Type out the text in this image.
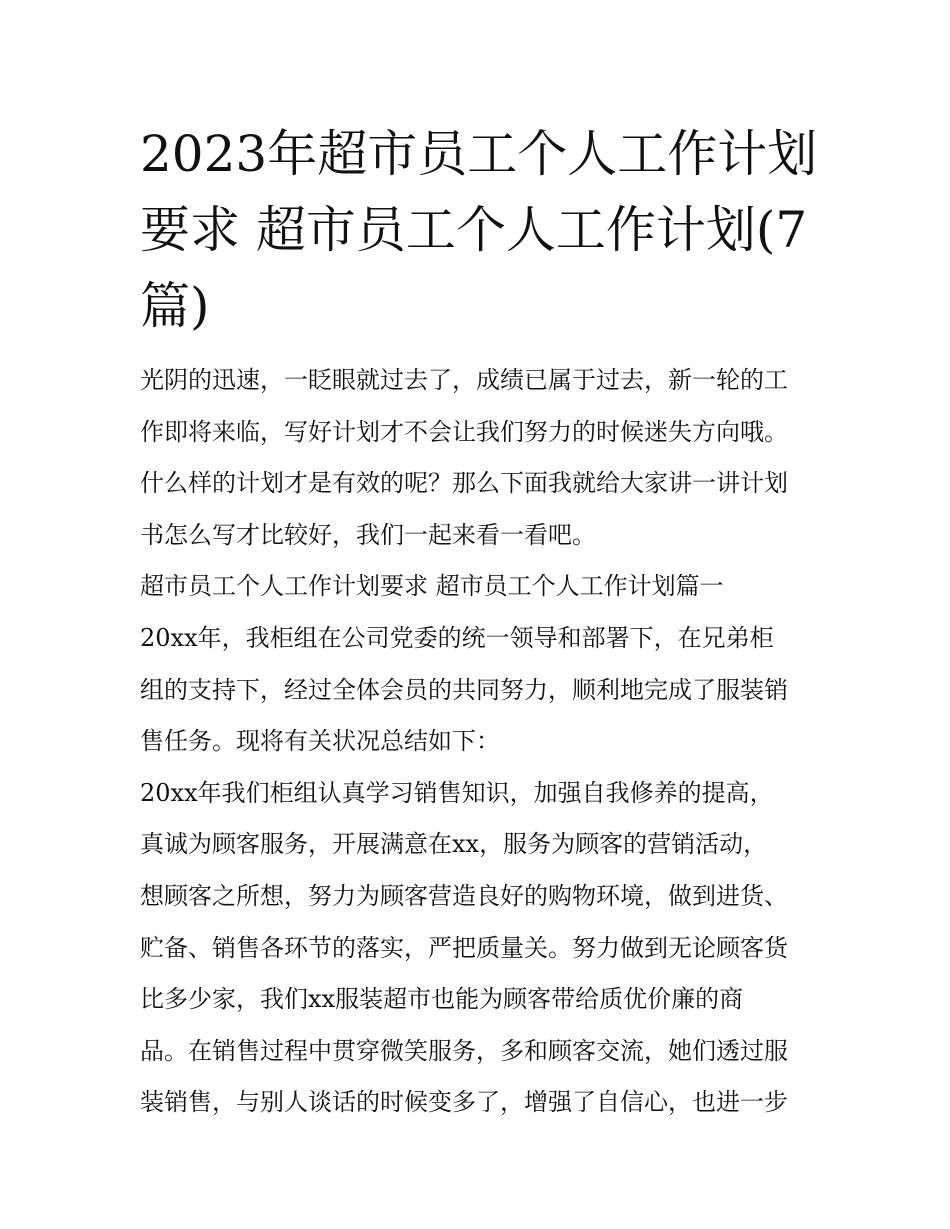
2023年超市员工个人工作计划
要求 超市员工个人工作计划(7
篇)
光阴的迅速，一眨眼就过去了，成绩已属于过去，新一轮的工
作即将来临，写好计划才不会让我们努力的时候迷失方向哦。
什么样的计划才是有效的呢？那么下面我就给大家讲一讲计划
书怎么写才比较好，我们一起来看一看吧。
超市员工个人工作计划要求 超市员工个人工作计划篇一
20xx年，我柜组在公司党委的统一领导和部署下，在兄弟柜
组的支持下，经过全体会员的共同努力，顺利地完成了服装销
售任务。现将有关状况总结如下：
20xx年我们柜组认真学习销售知识，加强自我修养的提高，
真诚为顾客服务，开展满意在xx，服务为顾客的营销活动，
想顾客之所想，努力为顾客营造良好的购物环境，做到进货、
贮备、销售各环节的落实，严把质量关。努力做到无论顾客货
比多少家，我们xx服装超市也能为顾客带给质优价廉的商
品。在销售过程中贯穿微笑服务，多和顾客交流，她们透过服
装销售，与别人谈话的时候变多了，增强了自信心，也进一步
